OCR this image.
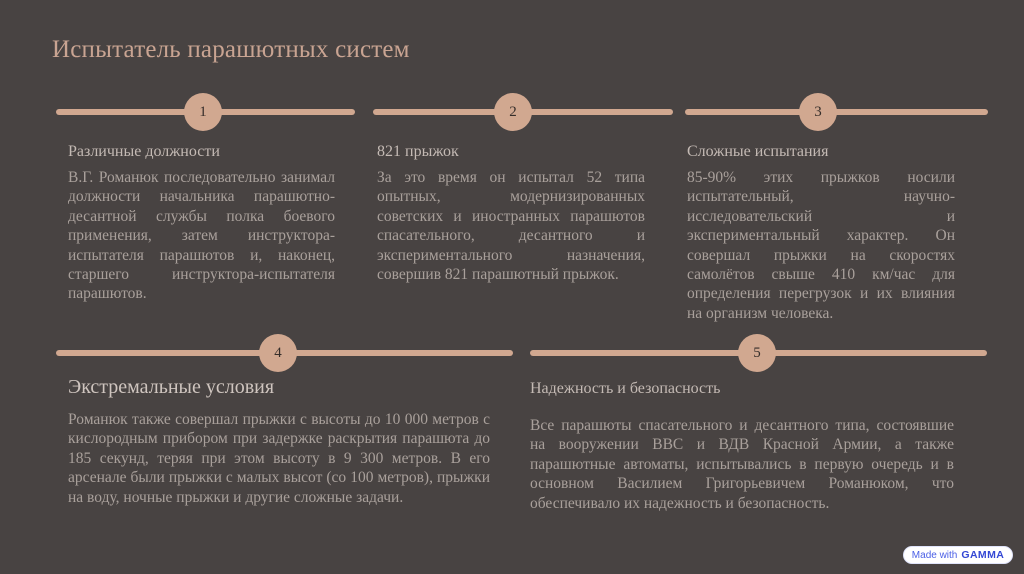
Испытатель парашютных систем
1	2	3
Различные должности

В.Г. Романюк последовательно занимал должности начальника парашютно-десантной службы полка боевого применения, затем инструктора-испытателя парашютов и, наконец, старшего инструктора-испытателя парашютов.

821 прыжок

За это время он испытал 52 типа опытных, модернизированных советских и иностранных парашютов спасательного, десантного и экспериментального назначения, совершив 821 парашютный прыжок.

Сложные испытания

85-90% этих прыжков носили испытательный, научно-исследовательский и экспериментальный характер. Он совершал прыжки на скоростях самолётов свыше 410 км/час для определения перегрузок и их влияния на организм человека.

4	5
Экстремальные условия

Романюк также совершал прыжки с высоты до 10 000 метров с кислородным прибором при задержке раскрытия парашюта до 185 секунд, теряя при этом высоту в 9 300 метров. В его арсенале были прыжки с малых высот (со 100 метров), прыжки на воду, ночные прыжки и другие сложные задачи.

Надежность и безопасность

Все парашюты спасательного и десантного типа, состоявшие на вооружении ВВС и ВДВ Красной Армии, а также парашютные автоматы, испытывались в первую очередь и в основном Василием Григорьевичем Романюком, что обеспечивало их надежность и безопасность.

Made with GAMMA
